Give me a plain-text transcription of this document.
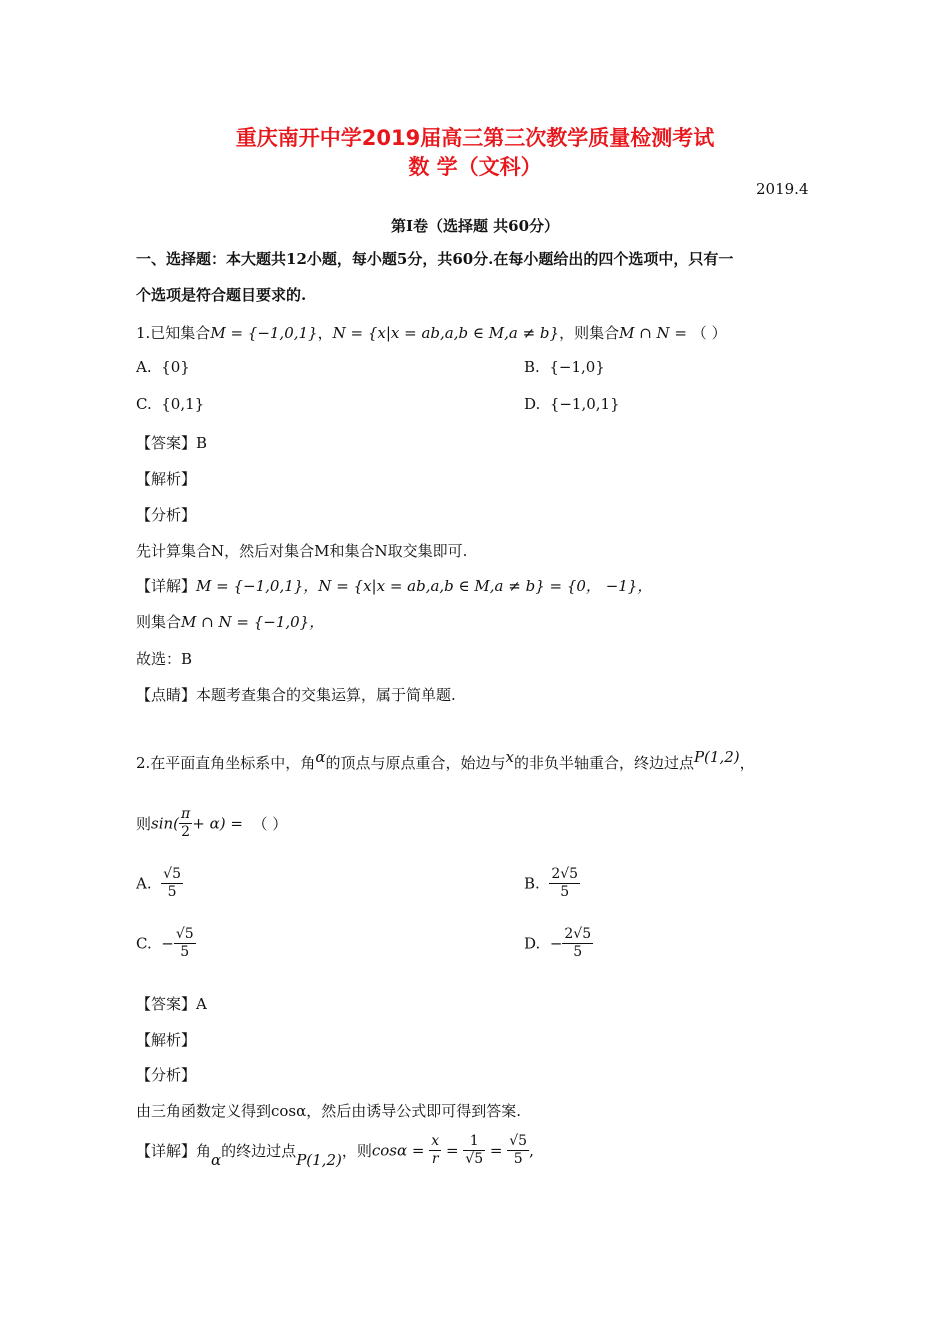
重庆南开中学2019届高三第三次教学质量检测考试
数 学（文科）
2019.4
第Ⅰ卷（选择题 共60分）
一、选择题：本大题共12小题，每小题5分，共60分.在每小题给出的四个选项中，只有一
个选项是符合题目要求的.
1.已知集合M = {−1,0,1}，N = {x|x = ab,a,b ∈ M,a ≠ b}，则集合M ∩ N = （ ）
A. {0}	B. {−1,0}
C. {0,1}	D. {−1,0,1}
【答案】B
【解析】
【分析】
先计算集合N，然后对集合M和集合N取交集即可.
【详解】M = {−1,0,1}，N = {x|x = ab,a,b ∈ M,a ≠ b} = {0， −1}，
则集合M ∩ N = {−1,0}，
故选：B
【点睛】本题考查集合的交集运算，属于简单题.
2.在平面直角坐标系中，角α的顶点与原点重合，始边与x的非负半轴重合，终边过点P(1,2)，
则$\sin( \frac{\pi}{2} + \alpha)$ = （ ）
A. $\frac{√5}{5}$	B. $\frac{2√5}{5}$
C. − $\frac{√5}{5}$	D. − $\frac{2√5}{5}$
【答案】A
【解析】
【分析】
由三角函数定义得到cosα，然后由诱导公式即可得到答案.
【详解】角α的终边过点P(1,2)，则$\cos\alpha = \frac{x}{r} = \frac{1}{√5} = \frac{√5}{5}$ ,
